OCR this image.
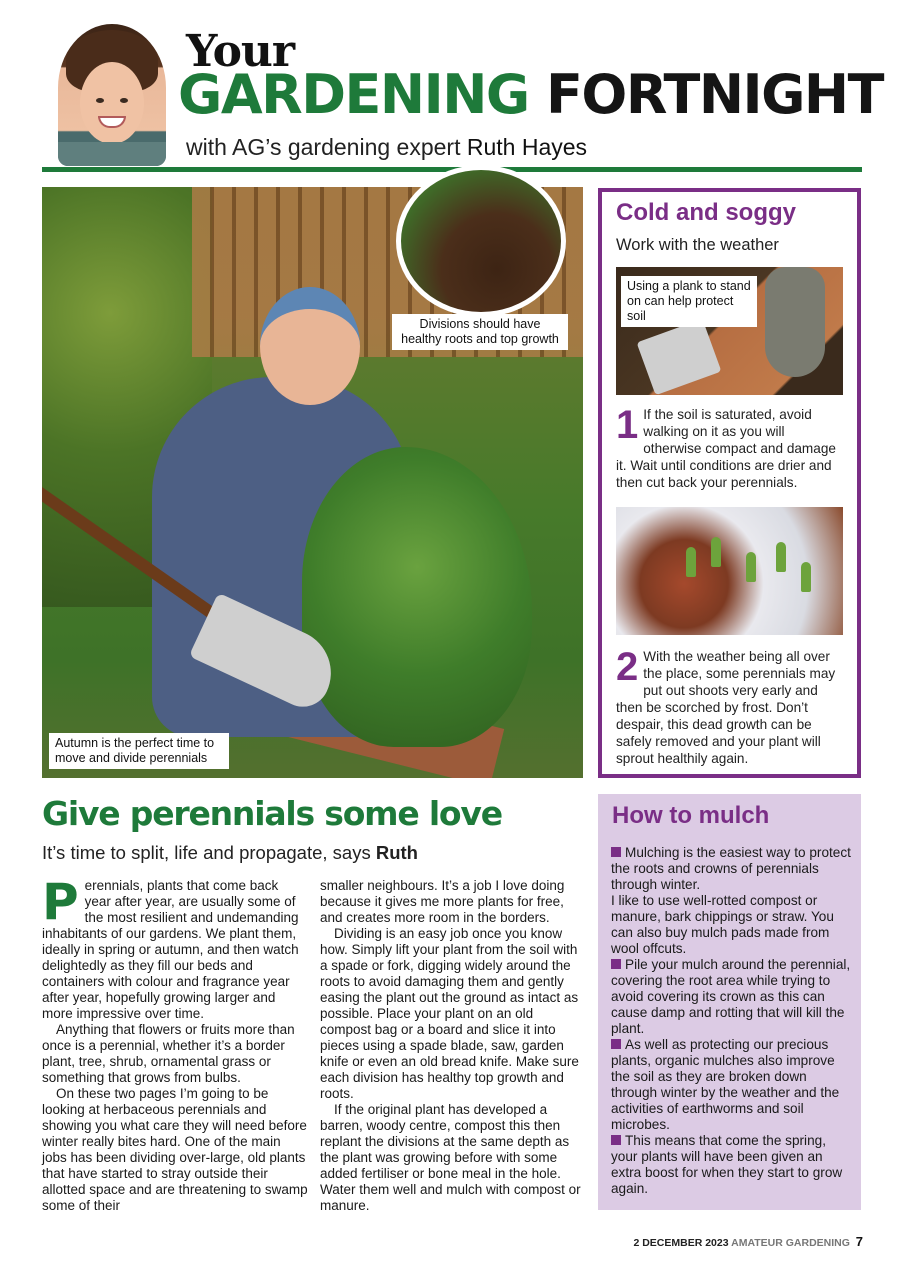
Your
GARDENING FORTNIGHT
with AG’s gardening expert Ruth Hayes
Divisions should have healthy roots and top growth
Autumn is the perfect time to move and divide perennials
Cold and soggy
Work with the weather
Using a plank to stand on can help protect soil
1 If the soil is saturated, avoid walking on it as you will otherwise compact and damage it. Wait until conditions are drier and then cut back your perennials.
2 With the weather being all over the place, some perennials may put out shoots very early and then be scorched by frost. Don’t despair, this dead growth can be safely removed and your plant will sprout healthily again.
Give perennials some love
It’s time to split, life and propagate, says Ruth

Perennials, plants that come back year after year, are usually some of the most resilient and undemanding inhabitants of our gardens. We plant them, ideally in spring or autumn, and then watch delightedly as they fill our beds and containers with colour and fragrance year after year, hopefully growing larger and more impressive over time.

Anything that flowers or fruits more than once is a perennial, whether it’s a border plant, tree, shrub, ornamental grass or something that grows from bulbs.

On these two pages I’m going to be looking at herbaceous perennials and showing you what care they will need before winter really bites hard. One of the main jobs has been dividing over-large, old plants that have started to stray outside their allotted space and are threatening to swamp some of their

smaller neighbours. It’s a job I love doing because it gives me more plants for free, and creates more room in the borders.

Dividing is an easy job once you know how. Simply lift your plant from the soil with a spade or fork, digging widely around the roots to avoid damaging them and gently easing the plant out the ground as intact as possible. Place your plant on an old compost bag or a board and slice it into pieces using a spade blade, saw, garden knife or even an old bread knife. Make sure each division has healthy top growth and roots.

If the original plant has developed a barren, woody centre, compost this then replant the divisions at the same depth as the plant was growing before with some added fertiliser or bone meal in the hole. Water them well and mulch with compost or manure.

How to mulch
Mulching is the easiest way to protect the roots and crowns of perennials through winter.
I like to use well-rotted compost or manure, bark chippings or straw. You can also buy mulch pads made from wool offcuts.
Pile your mulch around the perennial, covering the root area while trying to avoid covering its crown as this can cause damp and rotting that will kill the plant.
As well as protecting our precious plants, organic mulches also improve the soil as they are broken down through winter by the weather and the activities of earthworms and soil microbes.
This means that come the spring, your plants will have been given an extra boost for when they start to grow again.
2 DECEMBER 2023 AMATEUR GARDENING 7
